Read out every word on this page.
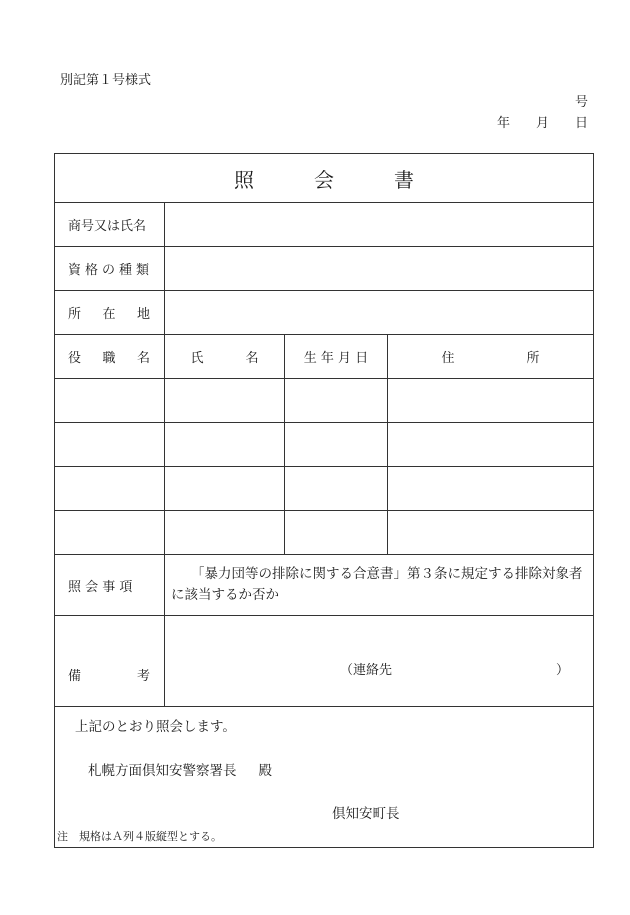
別記第１号様式
号
年 月 日
照会書			
商号又は氏名			
資格の種類			

所 在 地			

役 職 名	氏 名	生 年 月 日	住 所

照 会 事 項	「暴力団等の排除に関する合意書」第３条に規定する排除対象者
に該当するか否か		

備 考	（連絡先 ）		

上記のとおり照会します。
札幌方面倶知安警察署長 殿
倶知安町長			
注　規格はＡ列４版縦型とする。
